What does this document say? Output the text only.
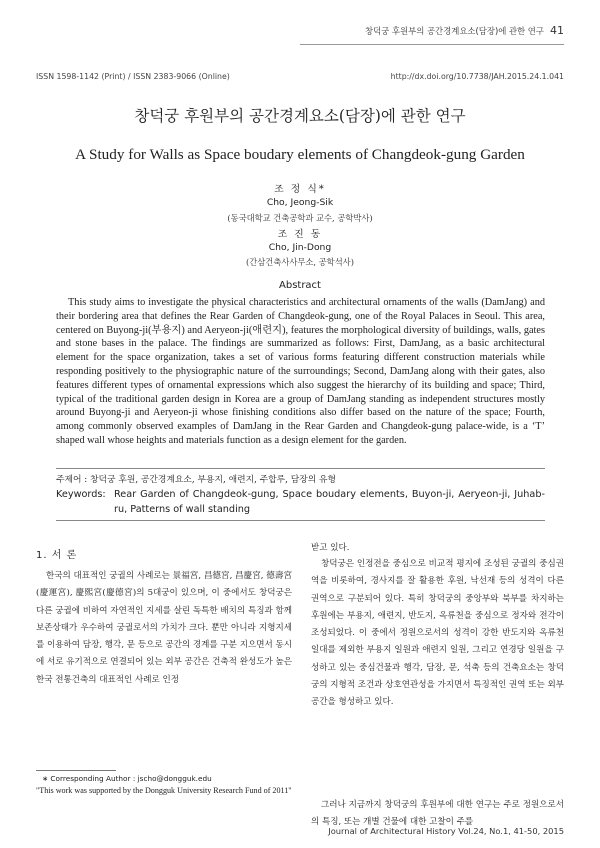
창덕궁 후원부의 공간경계요소(담장)에 관한 연구 41
ISSN 1598-1142 (Print) / ISSN 2383-9066 (Online)	http://dx.doi.org/10.7738/JAH.2015.24.1.041
창덕궁 후원부의 공간경계요소(담장)에 관한 연구
A Study for Walls as Space boudary elements of Changdeok-gung Garden
조 정 식*
Cho, Jeong-Sik
(동국대학교 건축공학과 교수, 공학박사)
조 진 동
Cho, Jin-Dong
(간삼건축사사무소, 공학석사)
Abstract

This study aims to investigate the physical characteristics and architectural ornaments of the walls (DamJang) and their bordering area that defines the Rear Garden of Changdeok-gung, one of the Royal Palaces in Seoul. This area, centered on Buyong-ji(부용지) and Aeryeon-ji(애련지), features the morphological diversity of buildings, walls, gates and stone bases in the palace. The findings are summarized as follows: First, DamJang, as a basic architectural element for the space organization, takes a set of various forms featuring different construction materials while responding positively to the physiographic nature of the surroundings; Second, DamJang along with their gates, also features different types of ornamental expressions which also suggest the hierarchy of its building and space; Third, typical of the traditional garden design in Korea are a group of DamJang standing as independent structures mostly around Buyong-ji and Aeryeon-ji whose finishing conditions also differ based on the nature of the space; Fourth, among commonly observed examples of DamJang in the Rear Garden and Changdeok-gung palace-wide, is a ‘T’ shaped wall whose heights and materials function as a design element for the garden.

주제어 : 창덕궁 후원, 공간경계요소, 부용지, 애련지, 주합루, 담장의 유형
Keywords: Rear Garden of Changdeok-gung, Space boudary elements, Buyon-ji, Aeryeon-ji, Juhab-ru, Patterns of wall standing
1. 서 론

한국의 대표적인 궁궐의 사례로는 景福宮, 昌德宮, 昌慶宮, 德壽宮(慶運宮), 慶熙宮(慶德宮)의 5대궁이 있으며, 이 중에서도 창덕궁은 다른 궁궐에 비하여 자연적인 지세를 살린 독특한 배치의 특징과 함께 보존상태가 우수하여 궁궐로서의 가치가 크다. 뿐만 아니라 지형지세를 이용하여 담장, 행각, 문 등으로 공간의 경계를 구분 지으면서 동시에 서로 유기적으로 연결되어 있는 외부 공간은 건축적 완성도가 높은 한국 전통건축의 대표적인 사례로 인정

받고 있다.

창덕궁은 인정전을 중심으로 비교적 평지에 조성된 궁궐의 중심권역을 비롯하여, 경사지를 잘 활용한 후원, 낙선재 등의 성격이 다른 권역으로 구분되어 있다. 특히 창덕궁의 중앙부와 북부를 차지하는 후원에는 부용지, 애련지, 반도지, 옥류천을 중심으로 정자와 전각이 조성되었다. 이 중에서 정원으로서의 성격이 강한 반도지와 옥류천 일대를 제외한 부용지 일원과 애련지 일원, 그리고 연경당 일원을 구성하고 있는 중심건물과 행각, 담장, 문, 석축 등의 건축요소는 창덕궁의 지형적 조건과 상호연관성을 가지면서 특징적인 권역 또는 외부공간을 형성하고 있다.

그러나 지금까지 창덕궁의 후원부에 대한 연구는 주로 정원으로서의 특징, 또는 개별 건물에 대한 고찰이 주를

∗ Corresponding Author : jscho@dongguk.edu

"This work was supported by the Dongguk University Research Fund of 2011"

Journal of Architectural History Vol.24, No.1, 41-50, 2015
